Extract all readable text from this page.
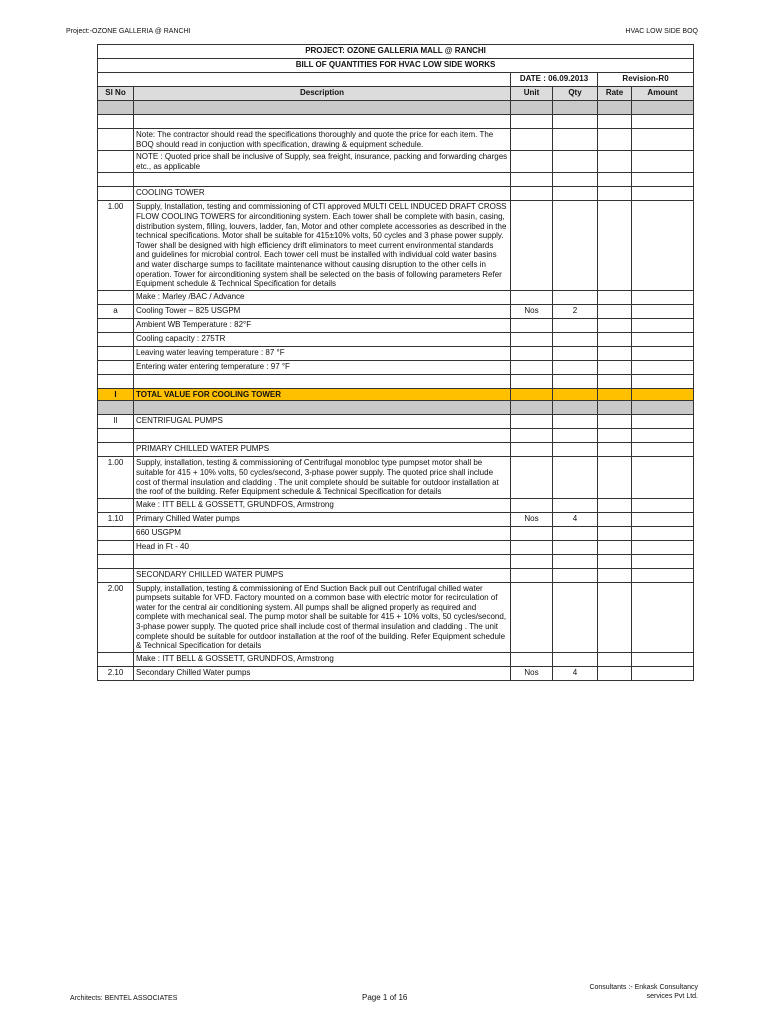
Project:-OZONE GALLERIA @ RANCHI	HVAC LOW SIDE BOQ
PROJECT: OZONE GALLERIA MALL @ RANCHI					
BILL OF QUANTITIES FOR HVAC LOW SIDE WORKS					
		DATE : 06.09.2013		Revision-R0	
Sl No	Description	Unit	Qty	Rate	Amount

	Note: The contractor should read the specifications thoroughly and quote the price for each item. The BOQ should read in conjuction with specification, drawing & equipment schedule.				
	NOTE : Quoted price shall be inclusive of Supply, sea freight, insurance, packing and forwarding charges etc., as applicable				

	COOLING TOWER				
1.00	Supply, Installation, testing and commissioning of CTI approved MULTI CELL INDUCED DRAFT CROSS FLOW COOLING TOWERS for airconditioning system. Each tower shall be complete with basin, casing, distribution system, filling, louvers, ladder, fan, Motor and other complete accessories as described in the technical specifications. Motor shall be suitable for 415±10% volts, 50 cycles and 3 phase power supply. Tower shall be designed with high efficiency drift eliminators to meet current environmental standards and guidelines for microbial control. Each tower cell must be installed with individual cold water basins and water discharge sumps to facilitate maintenance without causing disruption to the other cells in operation. Tower for airconditioning system shall be selected on the basis of following parameters Refer Equipment schedule & Technical Specification for details				
	Make : Marley /BAC / Advance				
a	Cooling Tower – 825 USGPM	Nos	2		
	Ambient WB Temperature : 82°F				
	Cooling capacity : 275TR				
	Leaving water leaving temperature : 87 °F				
	Entering water entering temperature : 97 °F				

I	TOTAL VALUE FOR COOLING TOWER				

II	CENTRIFUGAL PUMPS				

	PRIMARY CHILLED WATER PUMPS				
1.00	Supply, installation, testing & commissioning of Centrifugal monobloc type pumpset motor shall be suitable for 415 + 10% volts, 50 cycles/second, 3-phase power supply. The quoted price shall include cost of thermal insulation and cladding . The unit complete should be suitable for outdoor installation at the roof of the building. Refer Equipment schedule & Technical Specification for details				
	Make : ITT BELL & GOSSETT, GRUNDFOS, Armstrong				
1.10	Primary Chilled Water pumps	Nos	4		
	660 USGPM				
	Head in Ft - 40				

	SECONDARY CHILLED WATER PUMPS				
2.00	Supply, installation, testing & commissioning of End Suction Back pull out Centrifugal chilled water pumpsets suitable for VFD. Factory mounted on a common base with electric motor for recirculation of water for the central air conditioning system. All pumps shall be aligned properly as required and complete with mechanical seal. The pump motor shall be suitable for 415 + 10% volts, 50 cycles/second, 3-phase power supply. The quoted price shall include cost of thermal insulation and cladding . The unit complete should be suitable for outdoor installation at the roof of the building. Refer Equipment schedule & Technical Specification for details				
	Make : ITT BELL & GOSSETT, GRUNDFOS, Armstrong				
2.10	Secondary Chilled Water pumps	Nos	4		
Architects: BENTEL ASSOCIATES	Page 1 of 16
Consultants :- Enkask Consultancy
services Pvt Ltd.
